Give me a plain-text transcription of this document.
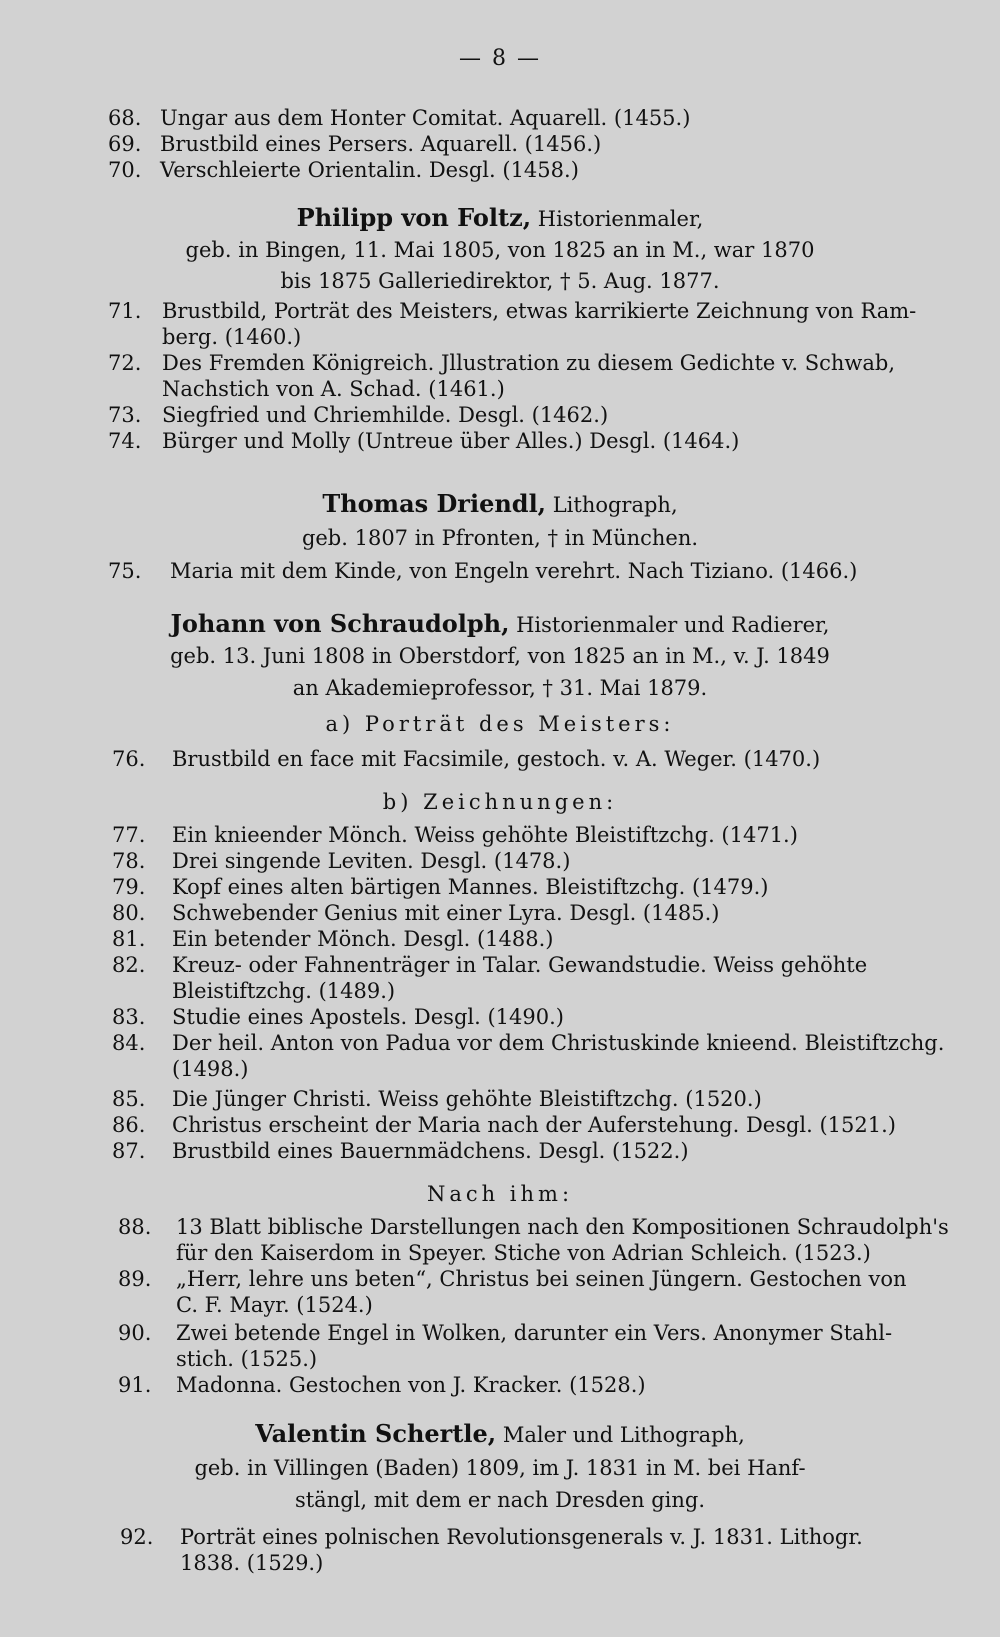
— 8 —
68. Ungar aus dem Honter Comitat. Aquarell. (1455.)
69. Brustbild eines Persers. Aquarell. (1456.)
70. Verschleierte Orientalin. Desgl. (1458.)
Philipp von Foltz, Historienmaler,
geb. in Bingen, 11. Mai 1805, von 1825 an in M., war 1870
bis 1875 Galleriedirektor, † 5. Aug. 1877.
71. Brustbild, Porträt des Meisters, etwas karrikierte Zeichnung von Ram-
berg. (1460.)
72. Des Fremden Königreich. Jllustration zu diesem Gedichte v. Schwab,
Nachstich von A. Schad. (1461.)
73. Siegfried und Chriemhilde. Desgl. (1462.)
74. Bürger und Molly (Untreue über Alles.) Desgl. (1464.)
Thomas Driendl, Lithograph,
geb. 1807 in Pfronten, † in München.
75. Maria mit dem Kinde, von Engeln verehrt. Nach Tiziano. (1466.)
Johann von Schraudolph, Historienmaler und Radierer,
geb. 13. Juni 1808 in Oberstdorf, von 1825 an in M., v. J. 1849
an Akademieprofessor, † 31. Mai 1879.
a) Porträt des Meisters:
76. Brustbild en face mit Facsimile, gestoch. v. A. Weger. (1470.)
b) Zeichnungen:
77. Ein knieender Mönch. Weiss gehöhte Bleistiftzchg. (1471.)
78. Drei singende Leviten. Desgl. (1478.)
79. Kopf eines alten bärtigen Mannes. Bleistiftzchg. (1479.)
80. Schwebender Genius mit einer Lyra. Desgl. (1485.)
81. Ein betender Mönch. Desgl. (1488.)
82. Kreuz- oder Fahnenträger in Talar. Gewandstudie. Weiss gehöhte
Bleistiftzchg. (1489.)
83. Studie eines Apostels. Desgl. (1490.)
84. Der heil. Anton von Padua vor dem Christuskinde knieend. Bleistiftzchg.
(1498.)
85. Die Jünger Christi. Weiss gehöhte Bleistiftzchg. (1520.)
86. Christus erscheint der Maria nach der Auferstehung. Desgl. (1521.)
87. Brustbild eines Bauernmädchens. Desgl. (1522.)
Nach ihm:
88. 13 Blatt biblische Darstellungen nach den Kompositionen Schraudolph's
für den Kaiserdom in Speyer. Stiche von Adrian Schleich. (1523.)
89. „Herr, lehre uns beten“, Christus bei seinen Jüngern. Gestochen von
C. F. Mayr. (1524.)
90. Zwei betende Engel in Wolken, darunter ein Vers. Anonymer Stahl-
stich. (1525.)
91. Madonna. Gestochen von J. Kracker. (1528.)
Valentin Schertle, Maler und Lithograph,
geb. in Villingen (Baden) 1809, im J. 1831 in M. bei Hanf-
stängl, mit dem er nach Dresden ging.
92. Porträt eines polnischen Revolutionsgenerals v. J. 1831. Lithogr.
1838. (1529.)
